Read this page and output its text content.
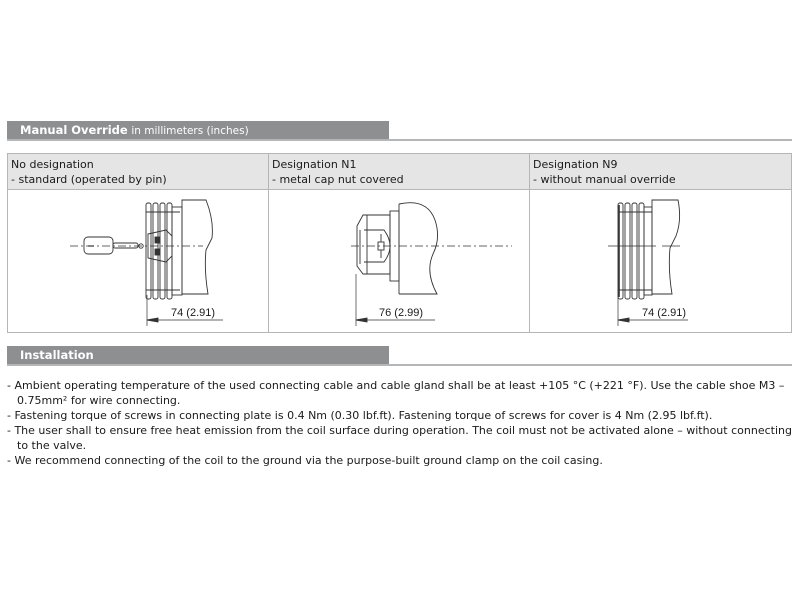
Manual Override in millimeters (inches)
No designation
- standard (operated by pin)
Designation N1
- metal cap nut covered
Designation N9
- without manual override
74 (2.91)	76 (2.99)	74 (2.91)
Installation
- Ambient operating temperature of the used connecting cable and cable gland shall be at least +105 °C (+221 °F). Use the cable shoe M3 – 0.75mm² for wire connecting.
- Fastening torque of screws in connecting plate is 0.4 Nm (0.30 lbf.ft). Fastening torque of screws for cover is 4 Nm (2.95 lbf.ft).
- The user shall to ensure free heat emission from the coil surface during operation. The coil must not be activated alone – without connecting to the valve.
- We recommend connecting of the coil to the ground via the purpose-built ground clamp on the coil casing.
